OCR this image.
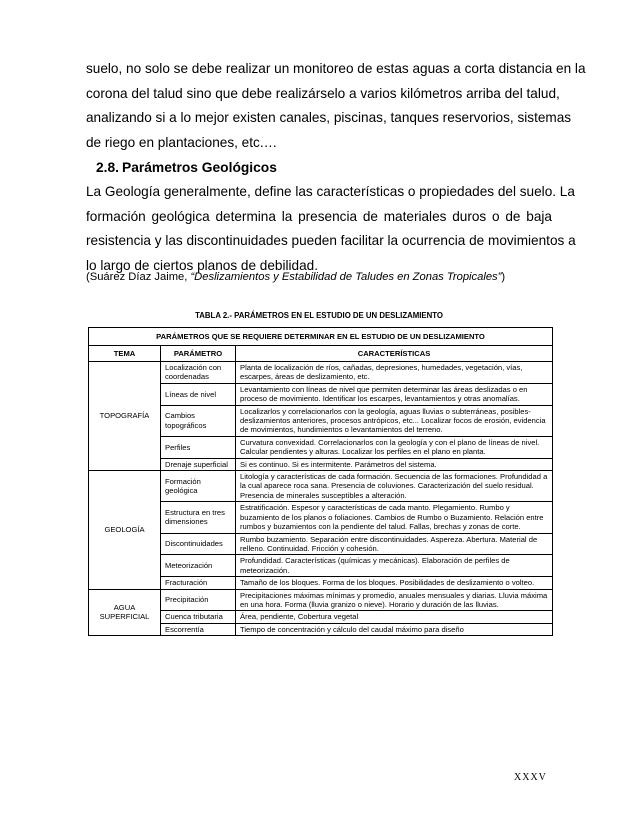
suelo, no solo se debe realizar un monitoreo de estas aguas a corta distancia en la
corona del talud sino que debe realizárselo a varios kilómetros arriba del talud,
analizando si a lo mejor existen canales, piscinas, tanques reservorios, sistemas
de riego en plantaciones, etc.…
2.8. Parámetros Geológicos
La Geología generalmente, define las características o propiedades del suelo. La
formación geológica determina la presencia de materiales duros o de baja
resistencia y las discontinuidades pueden facilitar la ocurrencia de movimientos a
lo largo de ciertos planos de debilidad.

(Suárez Díaz Jaime, “Deslizamientos y Estabilidad de Taludes en Zonas Tropicales”)

TABLA 2.- PARÁMETROS EN EL ESTUDIO DE UN DESLIZAMIENTO

PARÁMETROS QUE SE REQUIERE DETERMINAR EN EL ESTUDIO DE UN DESLIZAMIENTO		
TEMA	PARÁMETRO	CARACTERÍSTICAS
TOPOGRAFÍA	Localización con coordenadas	Planta de localización de ríos, cañadas, depresiones, humedades, vegetación, vías, escarpes, áreas de deslizamiento, etc.
	Líneas de nivel	Levantamiento con líneas de nivel que permiten determinar las áreas deslizadas o en proceso de movimiento. Identificar los escarpes, levantamientos y otras anomalías.
	Cambios topográficos	Localizarlos y correlacionarlos con la geología, aguas lluvias o subterráneas, posibles-deslizamientos anteriores, procesos antrópicos, etc... Localizar focos de erosión, evidencia de movimientos, hundimientos o levantamientos del terreno.
	Perfiles	Curvatura convexidad. Correlacionarlos con la geología y con el plano de líneas de nivel. Calcular pendientes y alturas. Localizar los perfiles en el plano en planta.
	Drenaje superficial	Si es continuo. Si es intermitente. Parámetros del sistema.
GEOLOGÍA	Formación geológica	Litología y características de cada formación. Secuencia de las formaciones. Profundidad a la cual aparece roca sana. Presencia de coluviones. Caracterización del suelo residual. Presencia de minerales susceptibles a alteración.
	Estructura en tres dimensiones	Estratificación. Espesor y características de cada manto. Plegamiento. Rumbo y buzamiento de los planos o foliaciones. Cambios de Rumbo o Buzamiento. Relación entre rumbos y buzamientos con la pendiente del talud. Fallas, brechas y zonas de corte.
	Discontinuidades	Rumbo buzamiento. Separación entre discontinuidades. Aspereza. Abertura. Material de relleno. Continuidad. Fricción y cohesión.
	Meteorización	Profundidad. Características (químicas y mecánicas). Elaboración de perfiles de meteorización.
	Fracturación	Tamaño de los bloques. Forma de los bloques. Posibilidades de deslizamiento o volteo.
AGUA SUPERFICIAL	Precipitación	Precipitaciones máximas mínimas y promedio, anuales mensuales y diarias. Lluvia máxima en una hora. Forma (lluvia granizo o nieve). Horario y duración de las lluvias.
	Cuenca tributaria	Área, pendiente, Cobertura vegetal
	Escorrentía	Tiempo de concentración y cálculo del caudal máximo para diseño

XXXV
